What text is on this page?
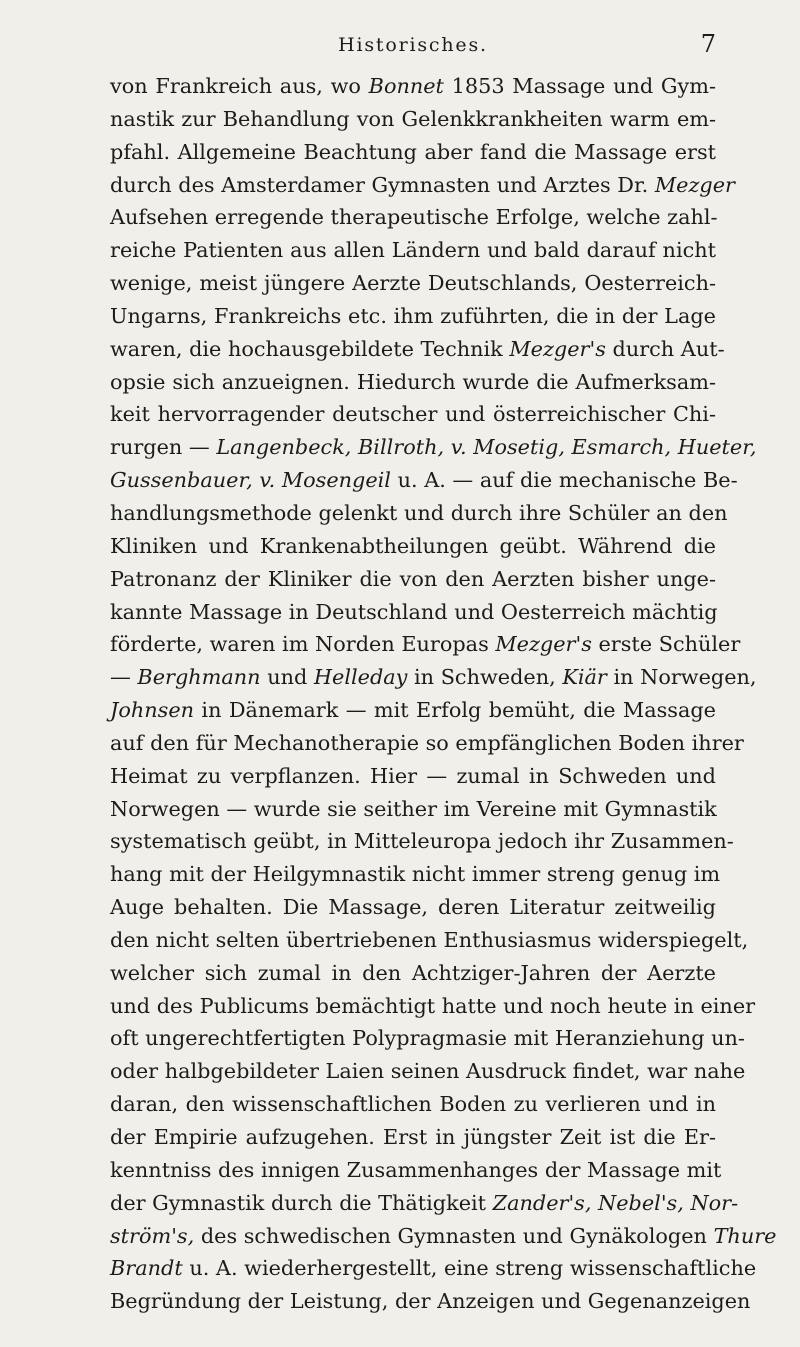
Historisches.	7
von Frankreich aus, wo Bonnet 1853 Massage und Gym-
nastik zur Behandlung von Gelenkkrankheiten warm em-
pfahl. Allgemeine Beachtung aber fand die Massage erst
durch des Amsterdamer Gymnasten und Arztes Dr. Mezger
Aufsehen erregende therapeutische Erfolge, welche zahl-
reiche Patienten aus allen Ländern und bald darauf nicht
wenige, meist jüngere Aerzte Deutschlands, Oesterreich-
Ungarns, Frankreichs etc. ihm zuführten, die in der Lage
waren, die hochausgebildete Technik Mezger's durch Aut-
opsie sich anzueignen. Hiedurch wurde die Aufmerksam-
keit hervorragender deutscher und österreichischer Chi-
rurgen — Langenbeck, Billroth, v. Mosetig, Esmarch, Hueter,
Gussenbauer, v. Mosengeil u. A. — auf die mechanische Be-
handlungsmethode gelenkt und durch ihre Schüler an den
Kliniken und Krankenabtheilungen geübt. Während die
Patronanz der Kliniker die von den Aerzten bisher unge-
kannte Massage in Deutschland und Oesterreich mächtig
förderte, waren im Norden Europas Mezger's erste Schüler
— Berghmann und Helleday in Schweden, Kiär in Norwegen,
Johnsen in Dänemark — mit Erfolg bemüht, die Massage
auf den für Mechanotherapie so empfänglichen Boden ihrer
Heimat zu verpflanzen. Hier — zumal in Schweden und
Norwegen — wurde sie seither im Vereine mit Gymnastik
systematisch geübt, in Mitteleuropa jedoch ihr Zusammen-
hang mit der Heilgymnastik nicht immer streng genug im
Auge behalten. Die Massage, deren Literatur zeitweilig
den nicht selten übertriebenen Enthusiasmus widerspiegelt,
welcher sich zumal in den Achtziger-Jahren der Aerzte
und des Publicums bemächtigt hatte und noch heute in einer
oft ungerechtfertigten Polypragmasie mit Heranziehung un-
oder halbgebildeter Laien seinen Ausdruck findet, war nahe
daran, den wissenschaftlichen Boden zu verlieren und in
der Empirie aufzugehen. Erst in jüngster Zeit ist die Er-
kenntniss des innigen Zusammenhanges der Massage mit
der Gymnastik durch die Thätigkeit Zander's, Nebel's, Nor-
ström's, des schwedischen Gymnasten und Gynäkologen Thure
Brandt u. A. wiederhergestellt, eine streng wissenschaftliche
Begründung der Leistung, der Anzeigen und Gegenanzeigen
